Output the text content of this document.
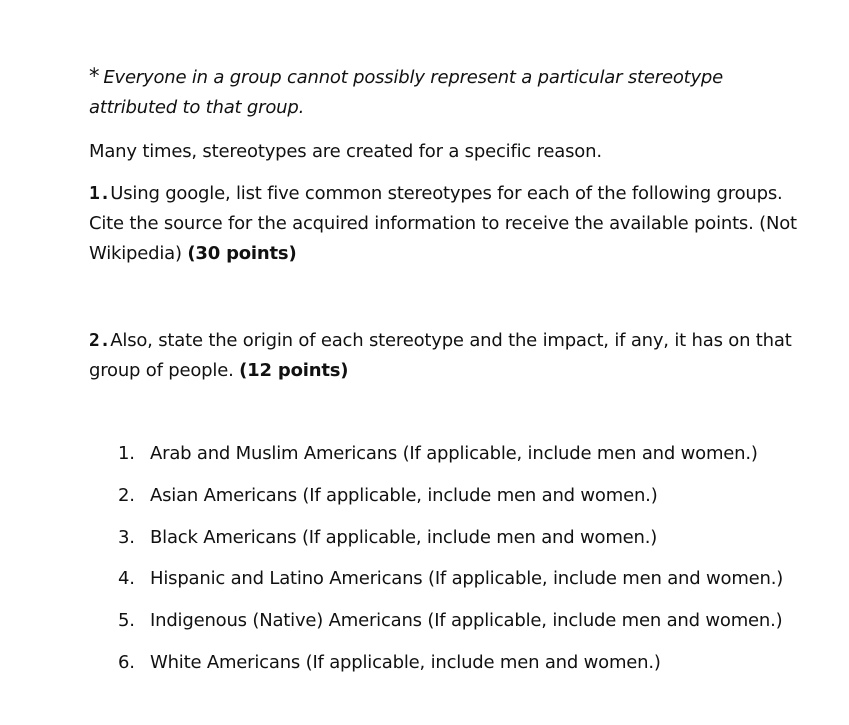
* Everyone in a group cannot possibly represent a particular stereotype attributed to that group.

Many times, stereotypes are created for a specific reason.

1.Using google, list five common stereotypes for each of the following groups. Cite the source for the acquired information to receive the available points. (Not Wikipedia) (30 points)

2.Also, state the origin of each stereotype and the impact, if any, it has on that group of people. (12 points)

1. Arab and Muslim Americans (If applicable, include men and women.)
2. Asian Americans (If applicable, include men and women.)
3. Black Americans (If applicable, include men and women.)
4. Hispanic and Latino Americans (If applicable, include men and women.)
5. Indigenous (Native) Americans (If applicable, include men and women.)
6. White Americans (If applicable, include men and women.)
